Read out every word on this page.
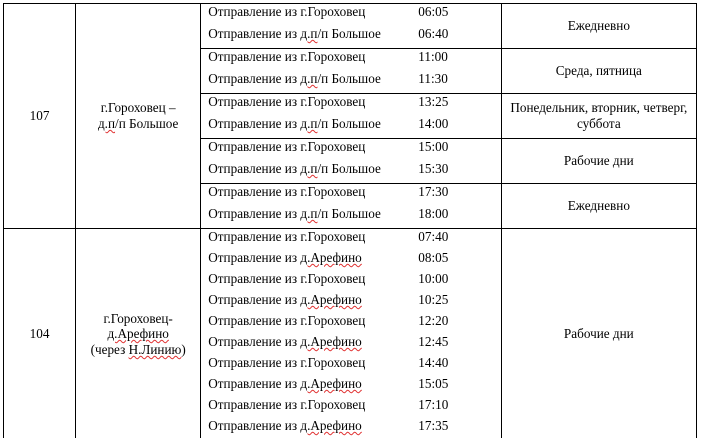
107	
г.Гороховец –
д.п/п Большое

Отправление из г.Гороховец	06:05
Отправление из д.п/п Большое	06:40
	Ежедневно

		Отправление из г.Гороховец 11:00
Отправление из д.п/п Большое 11:30	Среда, пятница

		Отправление из г.Гороховец 13:25
Отправление из д.п/п Большое 14:00	Понедельник, вторник, четверг, суббота

		Отправление из г.Гороховец 15:00
Отправление из д.п/п Большое 15:30	Рабочие дни

		Отправление из г.Гороховец 17:30
Отправление из д.п/п Большое 18:00	Ежедневно
104	
г.Гороховец-
д.Арефино
(через Н.Линию)

Отправление из г.Гороховец	07:40
Отправление из д.Арефино	08:05
Отправление из г.Гороховец	10:00
Отправление из д.Арефино	10:25
Отправление из г.Гороховец	12:20
Отправление из д.Арефино	12:45
Отправление из г.Гороховец	14:40
Отправление из д.Арефино	15:05
Отправление из г.Гороховец	17:10
Отправление из д.Арефино	17:35
	Рабочие дни
